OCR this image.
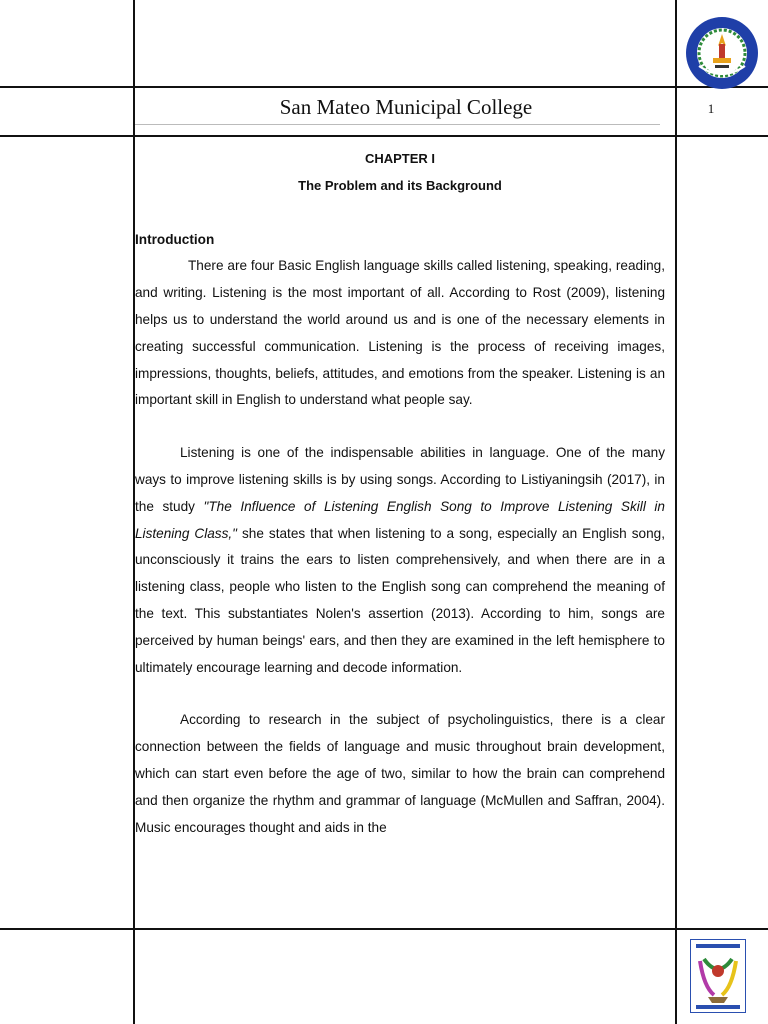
San Mateo Municipal College	1
CHAPTER I
The Problem and its Background
Introduction

There are four Basic English language skills called listening, speaking, reading, and writing. Listening is the most important of all. According to Rost (2009), listening helps us to understand the world around us and is one of the necessary elements in creating successful communication. Listening is the process of receiving images, impressions, thoughts, beliefs, attitudes, and emotions from the speaker. Listening is an important skill in English to understand what people say.

Listening is one of the indispensable abilities in language. One of the many ways to improve listening skills is by using songs. According to Listiyaningsih (2017), in the study "The Influence of Listening English Song to Improve Listening Skill in Listening Class," she states that when listening to a song, especially an English song, unconsciously it trains the ears to listen comprehensively, and when there are in a listening class, people who listen to the English song can comprehend the meaning of the text. This substantiates Nolen's assertion (2013). According to him, songs are perceived by human beings' ears, and then they are examined in the left hemisphere to ultimately encourage learning and decode information.

According to research in the subject of psycholinguistics, there is a clear connection between the fields of language and music throughout brain development, which can start even before the age of two, similar to how the brain can comprehend and then organize the rhythm and grammar of language (McMullen and Saffran, 2004). Music encourages thought and aids in the
